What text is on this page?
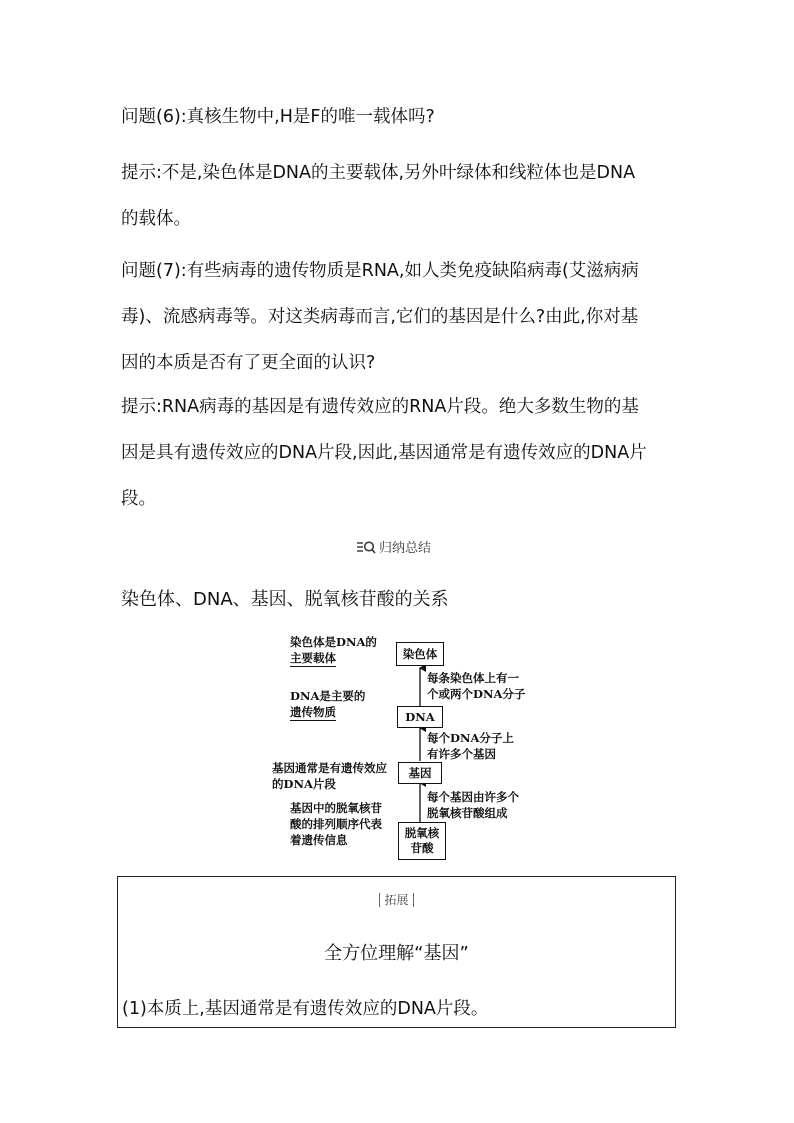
问题(6):真核生物中,H是F的唯一载体吗?
提示:不是,染色体是DNA的主要载体,另外叶绿体和线粒体也是DNA
的载体。
问题(7):有些病毒的遗传物质是RNA,如人类免疫缺陷病毒(艾滋病病
毒)、流感病毒等。对这类病毒而言,它们的基因是什么?由此,你对基
因的本质是否有了更全面的认识?
提示:RNA病毒的基因是有遗传效应的RNA片段。绝大多数生物的基
因是具有遗传效应的DNA片段,因此,基因通常是有遗传效应的DNA片
段。
归纳总结
染色体、DNA、基因、脱氧核苷酸的关系
染色体
DNA
基因
脱氧核
苷酸
染色体是DNA的
主要载体
DNA是主要的
遗传物质
基因通常是有遗传效应
的DNA片段
基因中的脱氧核苷
酸的排列顺序代表
着遗传信息
每条染色体上有一
个或两个DNA分子
每个DNA分子上
有许多个基因
每个基因由许多个
脱氧核苷酸组成
拓展
全方位理解“基因”
(1)本质上,基因通常是有遗传效应的DNA片段。
